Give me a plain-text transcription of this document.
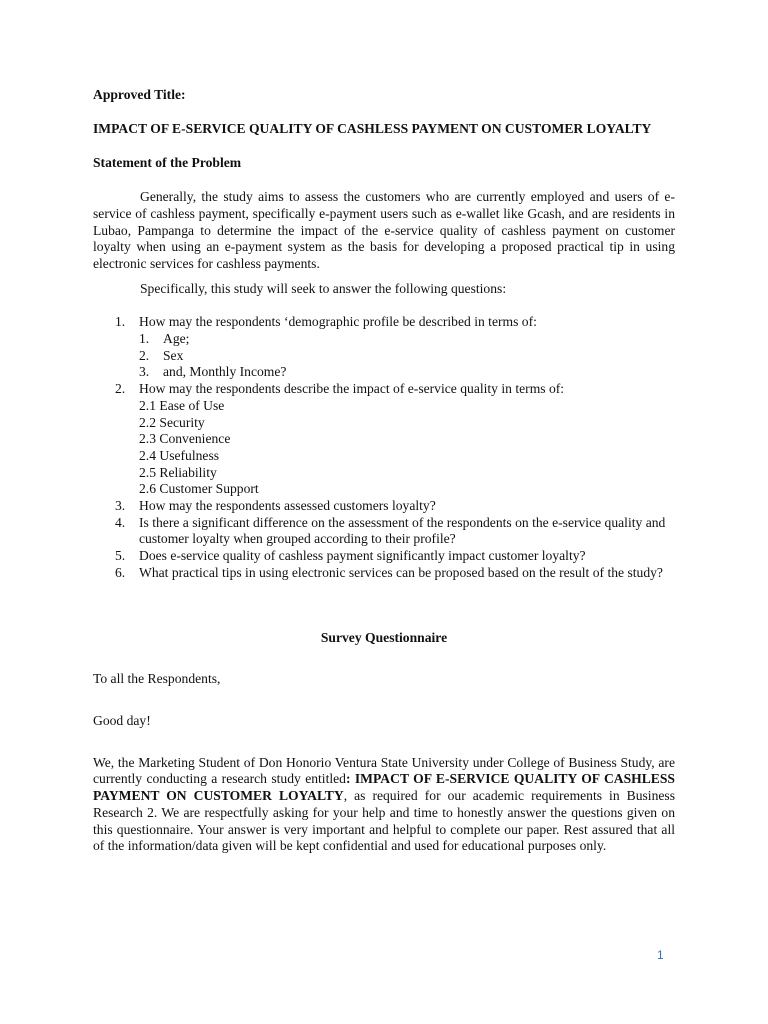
Approved Title:
IMPACT OF E-SERVICE QUALITY OF CASHLESS PAYMENT ON CUSTOMER LOYALTY
Statement of the Problem
Generally, the study aims to assess the customers who are currently employed and users of e-service of cashless payment, specifically e-payment users such as e-wallet like Gcash, and are residents in Lubao, Pampanga to determine the impact of the e-service quality of cashless payment on customer loyalty when using an e-payment system as the basis for developing a proposed practical tip in using electronic services for cashless payments.
Specifically, this study will seek to answer the following questions:
1. How may the respondents ‘demographic profile be described in terms of:
1. Age;
2. Sex
3. and, Monthly Income?
2. How may the respondents describe the impact of e-service quality in terms of:
2.1 Ease of Use
2.2 Security
2.3 Convenience
2.4 Usefulness
2.5 Reliability
2.6 Customer Support
3. How may the respondents assessed customers loyalty?
4. Is there a significant difference on the assessment of the respondents on the e-service quality and customer loyalty when grouped according to their profile?
5. Does e-service quality of cashless payment significantly impact customer loyalty?
6. What practical tips in using electronic services can be proposed based on the result of the study?
Survey Questionnaire
To all the Respondents,
Good day!
We, the Marketing Student of Don Honorio Ventura State University under College of Business Study, are currently conducting a research study entitled: IMPACT OF E-SERVICE QUALITY OF CASHLESS PAYMENT ON CUSTOMER LOYALTY, as required for our academic requirements in Business Research 2. We are respectfully asking for your help and time to honestly answer the questions given on this questionnaire. Your answer is very important and helpful to complete our paper. Rest assured that all of the information/data given will be kept confidential and used for educational purposes only.
1
